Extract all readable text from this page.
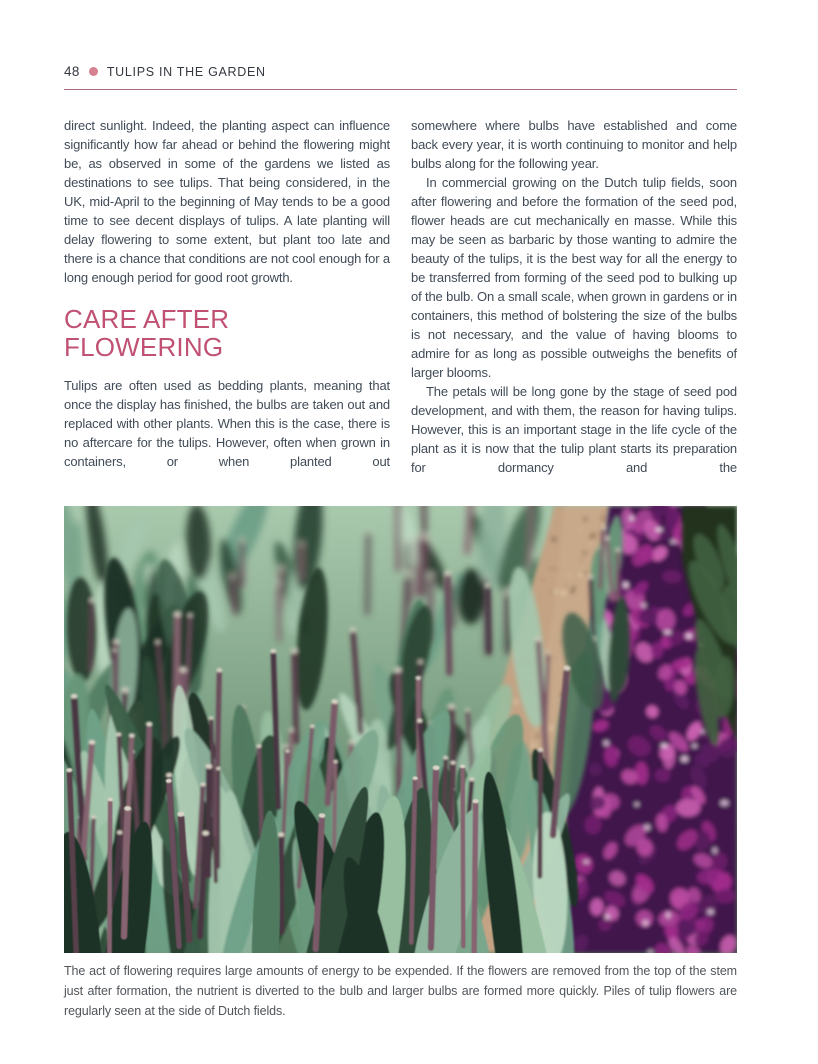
48 TULIPS IN THE GARDEN

direct sunlight. Indeed, the planting aspect can influence significantly how far ahead or behind the flowering might be, as observed in some of the gardens we listed as destinations to see tulips. That being considered, in the UK, mid-April to the beginning of May tends to be a good time to see decent displays of tulips. A late planting will delay flowering to some extent, but plant too late and there is a chance that conditions are not cool enough for a long enough period for good root growth.

CARE AFTER FLOWERING

Tulips are often used as bedding plants, meaning that once the display has finished, the bulbs are taken out and replaced with other plants. When this is the case, there is no aftercare for the tulips. However, often when grown in containers, or when planted out

somewhere where bulbs have established and come back every year, it is worth continuing to monitor and help bulbs along for the following year.

In commercial growing on the Dutch tulip fields, soon after flowering and before the formation of the seed pod, flower heads are cut mechanically en masse. While this may be seen as barbaric by those wanting to admire the beauty of the tulips, it is the best way for all the energy to be transferred from forming of the seed pod to bulking up of the bulb. On a small scale, when grown in gardens or in containers, this method of bolstering the size of the bulbs is not necessary, and the value of having blooms to admire for as long as possible outweighs the benefits of larger blooms.

The petals will be long gone by the stage of seed pod development, and with them, the reason for having tulips. However, this is an important stage in the life cycle of the plant as it is now that the tulip plant starts its preparation for dormancy and the

The act of flowering requires large amounts of energy to be expended. If the flowers are removed from the top of the stem just after formation, the nutrient is diverted to the bulb and larger bulbs are formed more quickly. Piles of tulip flowers are regularly seen at the side of Dutch fields.
